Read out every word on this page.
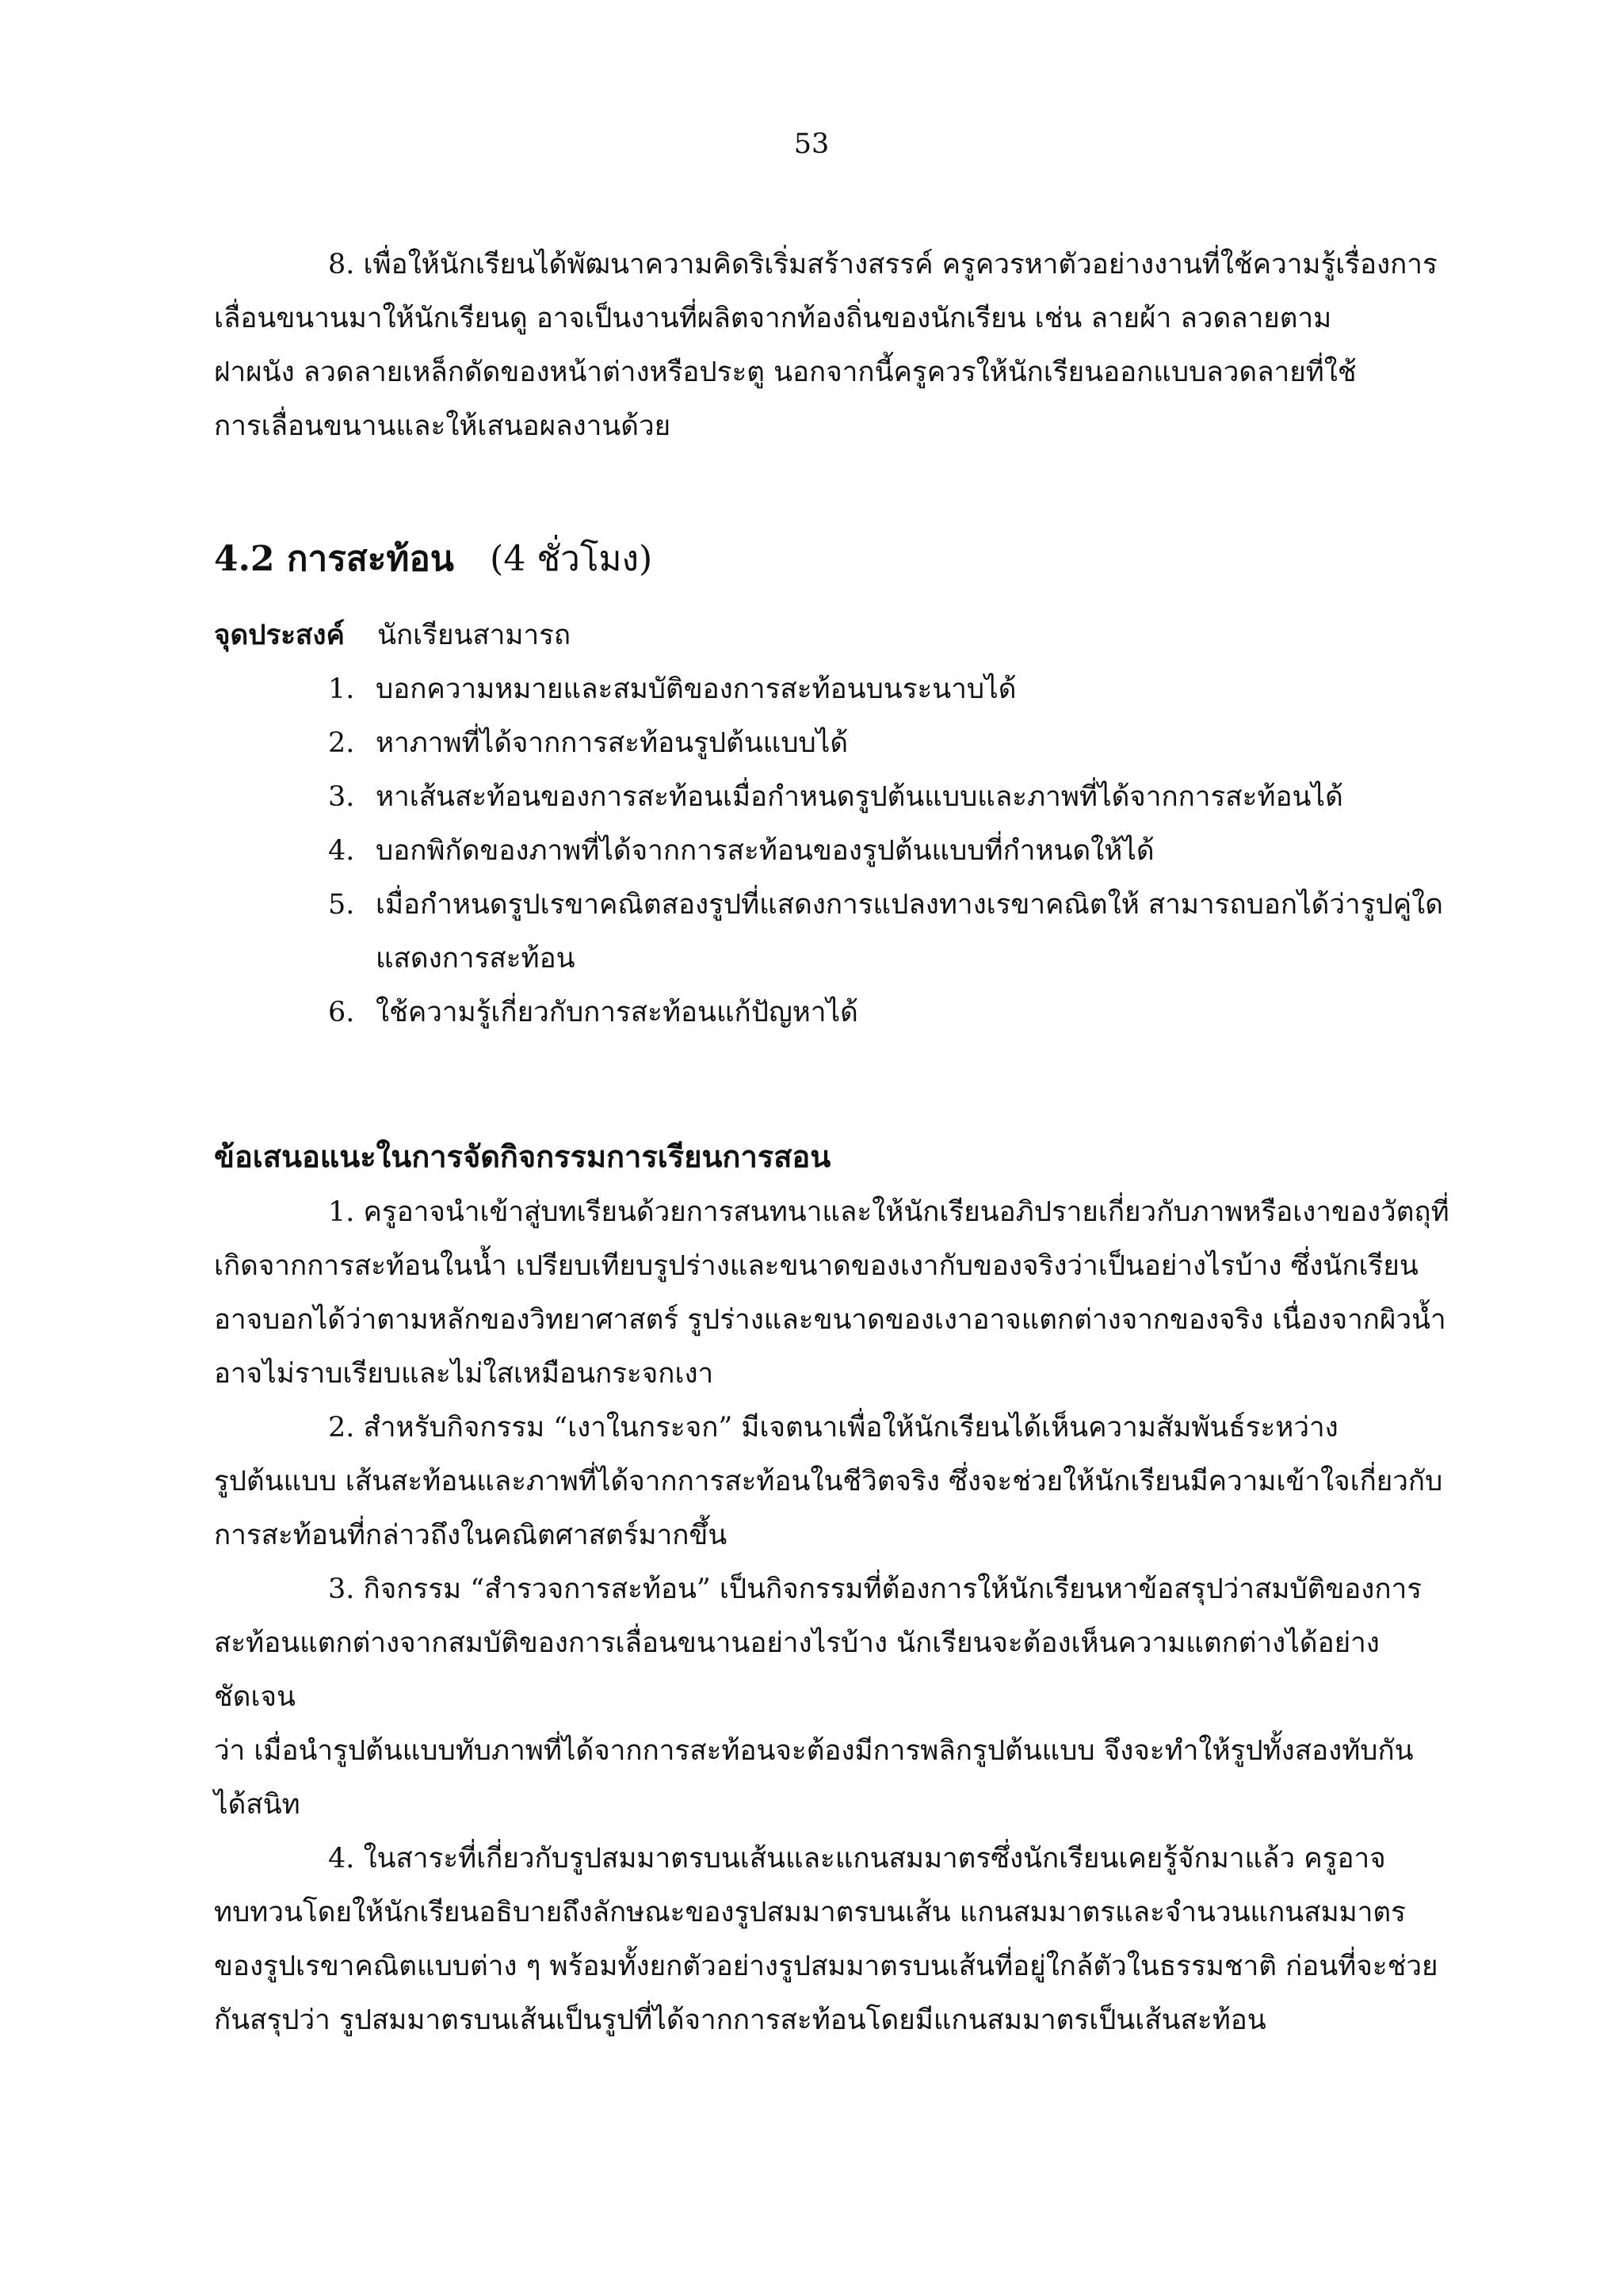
53

8. เพื่อให้นักเรียนได้พัฒนาความคิดริเริ่มสร้างสรรค์ ครูควรหาตัวอย่างงานที่ใช้ความรู้เรื่องการ

เลื่อนขนานมาให้นักเรียนดู อาจเป็นงานที่ผลิตจากท้องถิ่นของนักเรียน เช่น ลายผ้า ลวดลายตาม

ฝาผนัง ลวดลายเหล็กดัดของหน้าต่างหรือประตู นอกจากนี้ครูควรให้นักเรียนออกแบบลวดลายที่ใช้

การเลื่อนขนานและให้เสนอผลงานด้วย

4.2 การสะท้อน (4 ชั่วโมง)

จุดประสงค์ นักเรียนสามารถ

1. บอกความหมายและสมบัติของการสะท้อนบนระนาบได้
2. หาภาพที่ได้จากการสะท้อนรูปต้นแบบได้
3. หาเส้นสะท้อนของการสะท้อนเมื่อกำหนดรูปต้นแบบและภาพที่ได้จากการสะท้อนได้
4. บอกพิกัดของภาพที่ได้จากการสะท้อนของรูปต้นแบบที่กำหนดให้ได้
5. เมื่อกำหนดรูปเรขาคณิตสองรูปที่แสดงการแปลงทางเรขาคณิตให้ สามารถบอกได้ว่ารูปคู่ใด
แสดงการสะท้อน
6. ใช้ความรู้เกี่ยวกับการสะท้อนแก้ปัญหาได้

ข้อเสนอแนะในการจัดกิจกรรมการเรียนการสอน

1. ครูอาจนำเข้าสู่บทเรียนด้วยการสนทนาและให้นักเรียนอภิปรายเกี่ยวกับภาพหรือเงาของวัตถุที่

เกิดจากการสะท้อนในน้ำ เปรียบเทียบรูปร่างและขนาดของเงากับของจริงว่าเป็นอย่างไรบ้าง ซึ่งนักเรียน

อาจบอกได้ว่าตามหลักของวิทยาศาสตร์ รูปร่างและขนาดของเงาอาจแตกต่างจากของจริง เนื่องจากผิวน้ำ

อาจไม่ราบเรียบและไม่ใสเหมือนกระจกเงา

2. สำหรับกิจกรรม “เงาในกระจก” มีเจตนาเพื่อให้นักเรียนได้เห็นความสัมพันธ์ระหว่าง

รูปต้นแบบ เส้นสะท้อนและภาพที่ได้จากการสะท้อนในชีวิตจริง ซึ่งจะช่วยให้นักเรียนมีความเข้าใจเกี่ยวกับ

การสะท้อนที่กล่าวถึงในคณิตศาสตร์มากขึ้น

3. กิจกรรม “สำรวจการสะท้อน” เป็นกิจกรรมที่ต้องการให้นักเรียนหาข้อสรุปว่าสมบัติของการ

สะท้อนแตกต่างจากสมบัติของการเลื่อนขนานอย่างไรบ้าง นักเรียนจะต้องเห็นความแตกต่างได้อย่างชัดเจน

ว่า เมื่อนำรูปต้นแบบทับภาพที่ได้จากการสะท้อนจะต้องมีการพลิกรูปต้นแบบ จึงจะทำให้รูปทั้งสองทับกัน

ได้สนิท

4. ในสาระที่เกี่ยวกับรูปสมมาตรบนเส้นและแกนสมมาตรซึ่งนักเรียนเคยรู้จักมาแล้ว ครูอาจ

ทบทวนโดยให้นักเรียนอธิบายถึงลักษณะของรูปสมมาตรบนเส้น แกนสมมาตรและจำนวนแกนสมมาตร

ของรูปเรขาคณิตแบบต่าง ๆ พร้อมทั้งยกตัวอย่างรูปสมมาตรบนเส้นที่อยู่ใกล้ตัวในธรรมชาติ ก่อนที่จะช่วย

กันสรุปว่า รูปสมมาตรบนเส้นเป็นรูปที่ได้จากการสะท้อนโดยมีแกนสมมาตรเป็นเส้นสะท้อน
